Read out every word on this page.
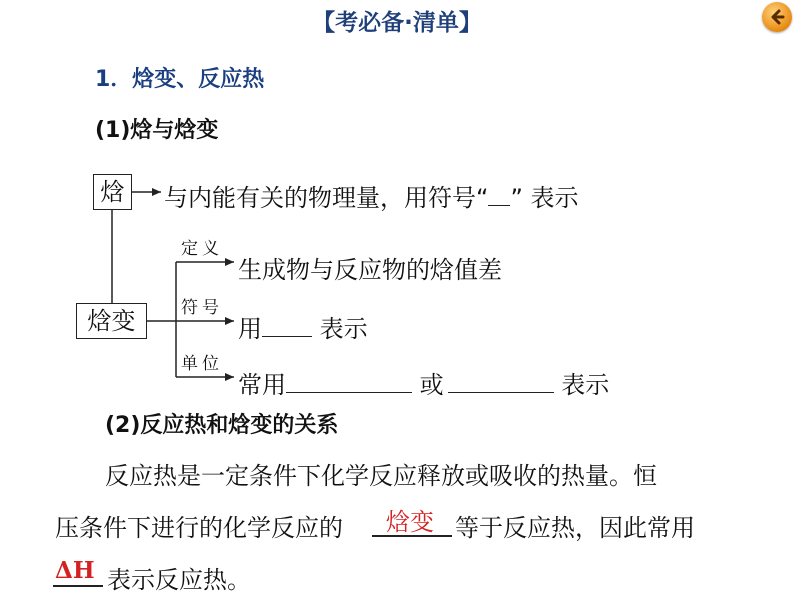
【考必备·清单】
1．焓变、反应热
(1)焓与焓变
焓
焓变
与内能有关的物理量，用符号“ ” 表示
定义
符号
单位
生成物与反应物的焓值差
用 表示
常用	或	表示
(2)反应热和焓变的关系
反应热是一定条件下化学反应释放或吸收的热量。恒
压条件下进行的化学反应的 焓变 等于反应热，因此常用
ΔH 表示反应热。
